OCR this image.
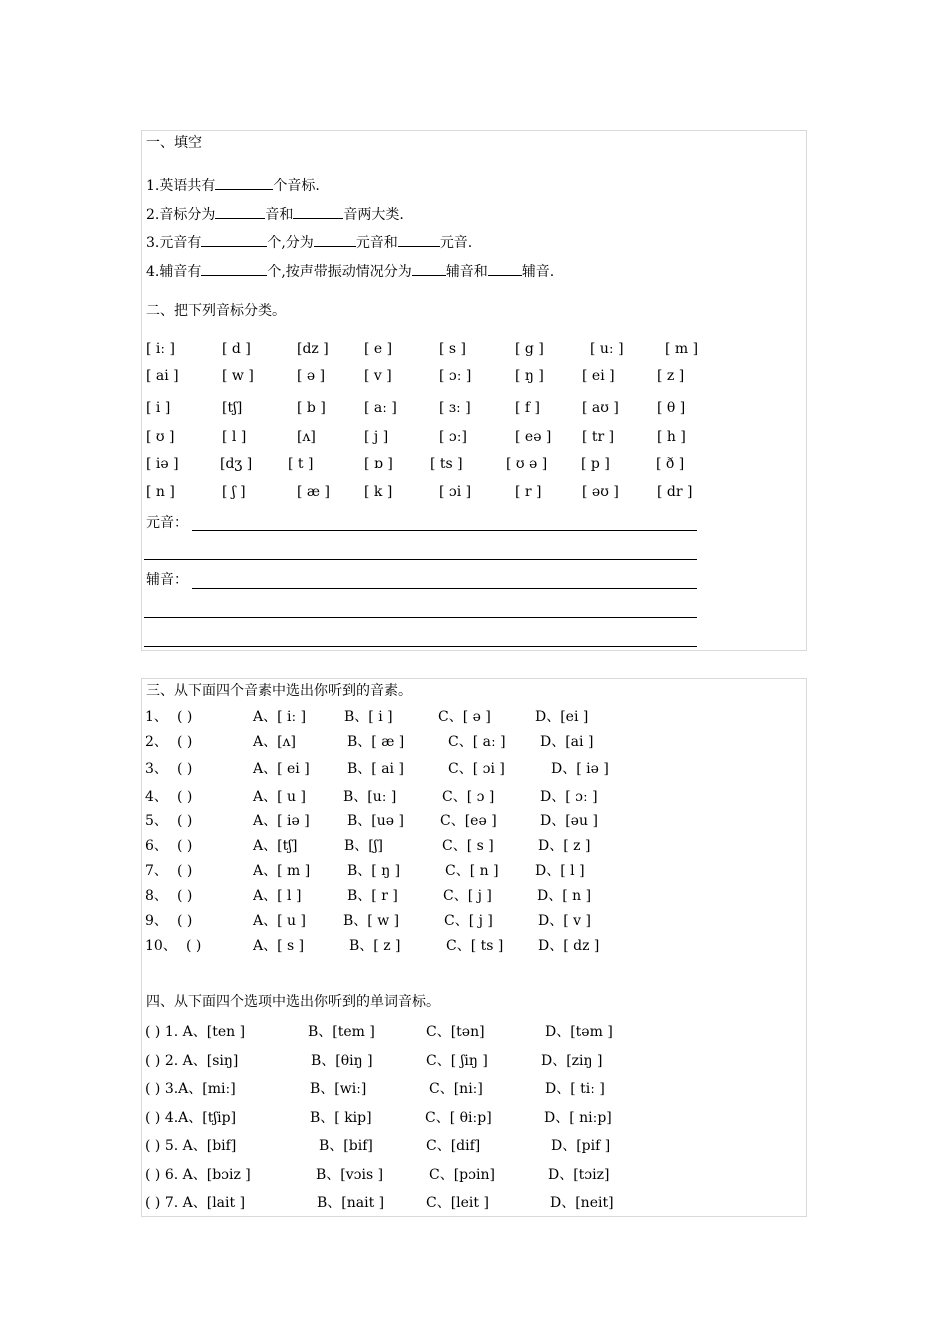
一、填空
1.英语共有	个音标.
2.音标分为	音和	音两大类.
3.元音有	个,分为	元音和	元音.
4.辅音有	个,按声带振动情况分为 辅音和 辅音.
二、把下列音标分类。
[ iː ]	[ d ]	[dz ]	[ e ]	[ s ]	[ g ]	[ uː ]	[ m ]
[ ai ]	[ w ]	[ ə ]	[ v ]	[ ɔː ]	[ ŋ ]	[ ei ]	[ z ]
[ i ]	[tʃ]	[ b ]	[ aː ]	[ ɜː ]	[ f ]	[ aʊ ]	[ θ ]
[ ʊ ]	[ l ]	[ʌ]	[ j ]	[ ɔː]	[ eə ] [ tr ]	[ h ]
[ iə ]	[dʒ ]	[ t ]	[ ɒ ]	[ ts ]	[ ʊ ə ] [ p ]	[ ð ]
[ n ]	[ ʃ ]	[ æ ] [ k ]	[ ɔi ]	[ r ]	[ əʊ ]	[ dr ]
元音：
辅音：
三、从下面四个音素中选出你听到的音素。
1、 ( )	A、[ iː ]	B、[ i ]	C、[ ə ]	D、[ei ]
2、 ( )	A、[ʌ]	B、[ æ ]	C、[ aː ] D、[ai ]
3、 ( )	A、[ ei ]	B、[ ai ]	C、[ ɔi ]	D、[ iə ]
4、 ( )	A、[ u ]	B、[uː ]	C、[ ɔ ]	D、[ ɔː ]
5、 ( )	A、[ iə ]	B、[uə ]	C、[eə ]	D、[əu ]
6、 ( )	A、[tʃ]	B、[ʃ]	C、[ s ]	D、[ z ]
7、 ( )	A、[ m ]	B、[ ŋ ]	C、[ n ]	D、[ l ]
8、 ( )	A、[ l ]	B、[ r ]	C、[ j ]	D、[ n ]
9、 ( )	A、[ u ]	B、[ w ]	C、[ j ]	D、[ v ]
10、 ( )	A、[ s ]	B、[ z ]	C、[ ts ] D、[ dz ]
四、从下面四个选项中选出你听到的单词音标。
( ) 1. A、[ten ]	B、[tem ]	C、[tən]	D、[təm ]
( ) 2. A、[siŋ]	B、[θiŋ ]	C、[ ʃiŋ ]	D、[ziŋ ]
( ) 3.A、[miː]	B、[wiː]	C、[niː]	D、[ tiː ]
( ) 4.A、[tʃip]	B、[ kip]	C、[ θiːp]	D、[ niːp]
( ) 5. A、[bif]	B、[bif]	C、[dif]	D、[pif ]
( ) 6. A、[bɔiz ]	B、[vɔis ]	C、[pɔin]	D、[tɔiz]
( ) 7. A、[lait ]	B、[nait ]	C、[leit ]	D、[neit]
